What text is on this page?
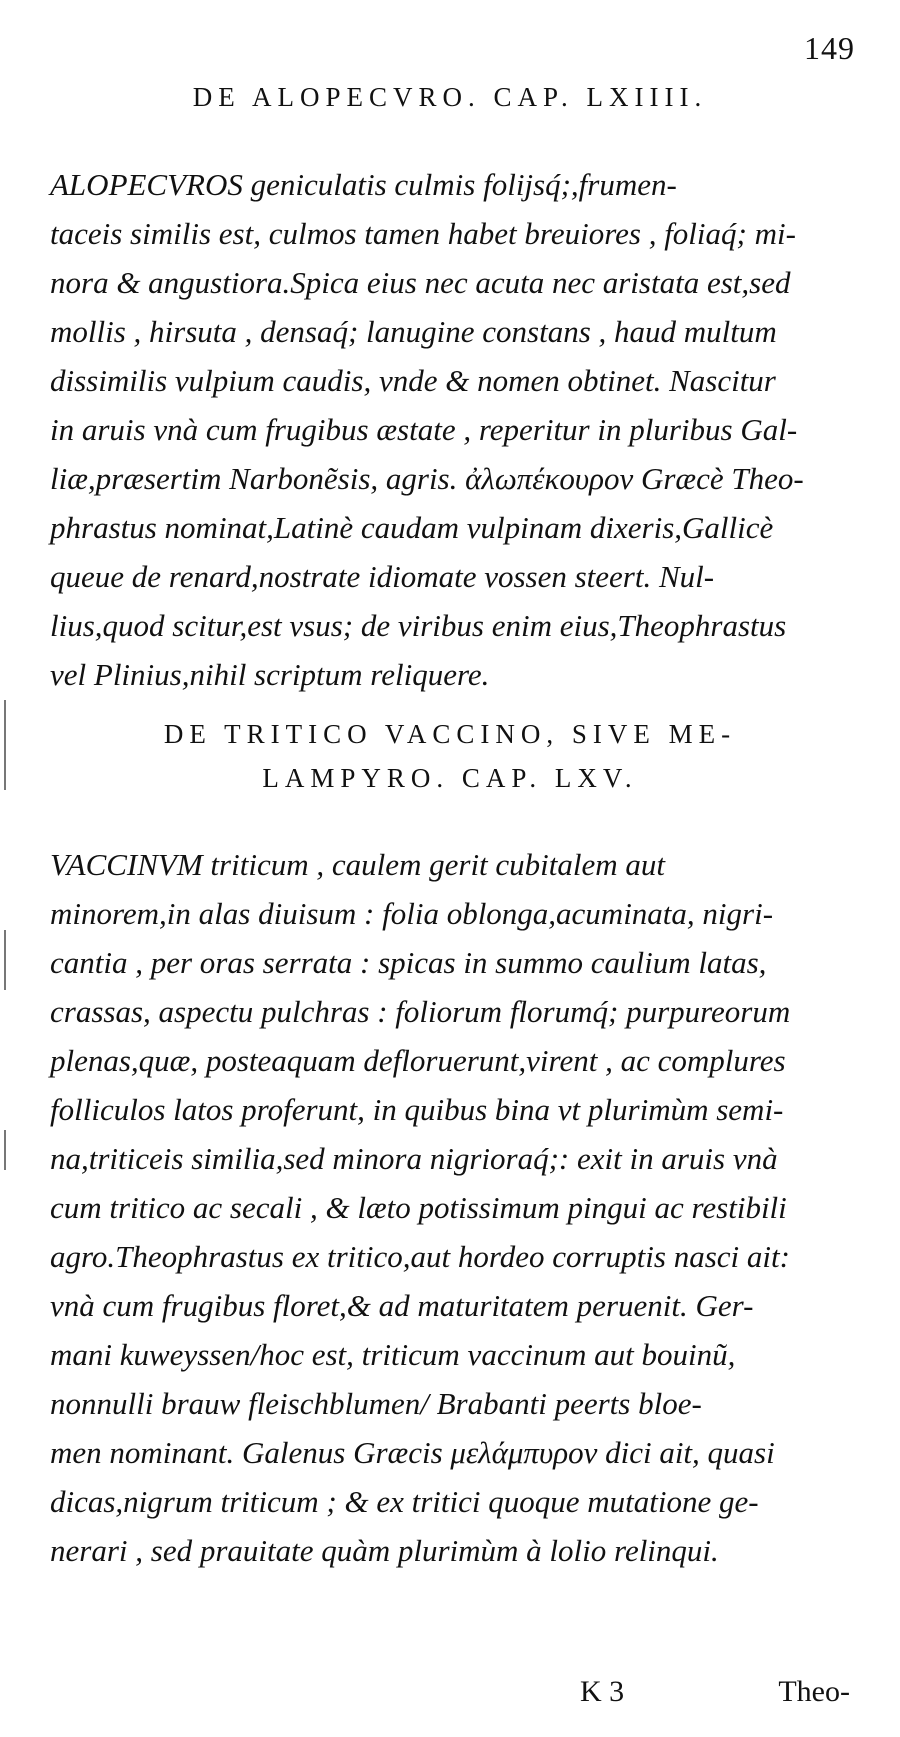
149
DE ALOPECVRO. CAP. LXIIII.
ALOPECVROS geniculatis culmis folijsq́;,frumen-
taceis similis est, culmos tamen habet breuiores , foliaq́; mi-
nora & angustiora.Spica eius nec acuta nec aristata est,sed
mollis , hirsuta , densaq́; lanugine constans , haud multum
dissimilis vulpium caudis, vnde & nomen obtinet. Nascitur
in aruis vnà cum frugibus æstate , reperitur in pluribus Gal-
liæ,præsertim Narbonẽsis, agris. ἀλωπέκουρον Græcè Theo-
phrastus nominat,Latinè caudam vulpinam dixeris,Gallicè
queue de renard,nostrate idiomate vossen steert. Nul-
lius,quod scitur,est vsus; de viribus enim eius,Theophrastus
vel Plinius,nihil scriptum reliquere.
DE TRITICO VACCINO, SIVE ME-
LAMPYRO. CAP. LXV.
VACCINVM triticum , caulem gerit cubitalem aut
minorem,in alas diuisum : folia oblonga,acuminata, nigri-
cantia , per oras serrata : spicas in summo caulium latas,
crassas, aspectu pulchras : foliorum florumq́; purpureorum
plenas,quæ, posteaquam defloruerunt,virent , ac complures
folliculos latos proferunt, in quibus bina vt plurimùm semi-
na,triticeis similia,sed minora nigrioraq́;: exit in aruis vnà
cum tritico ac secali , & læto potissimum pingui ac restibili
agro.Theophrastus ex tritico,aut hordeo corruptis nasci ait:
vnà cum frugibus floret,& ad maturitatem peruenit. Ger-
mani kuweyssen/hoc est, triticum vaccinum aut bouinũ,
nonnulli brauw fleischblumen/ Brabanti peerts bloe-
men nominant. Galenus Græcis μελάμπυρον dici ait, quasi
dicas,nigrum triticum ; & ex tritici quoque mutatione ge-
nerari , sed prauitate quàm plurimùm à lolio relinqui.
K 3	Theo-
